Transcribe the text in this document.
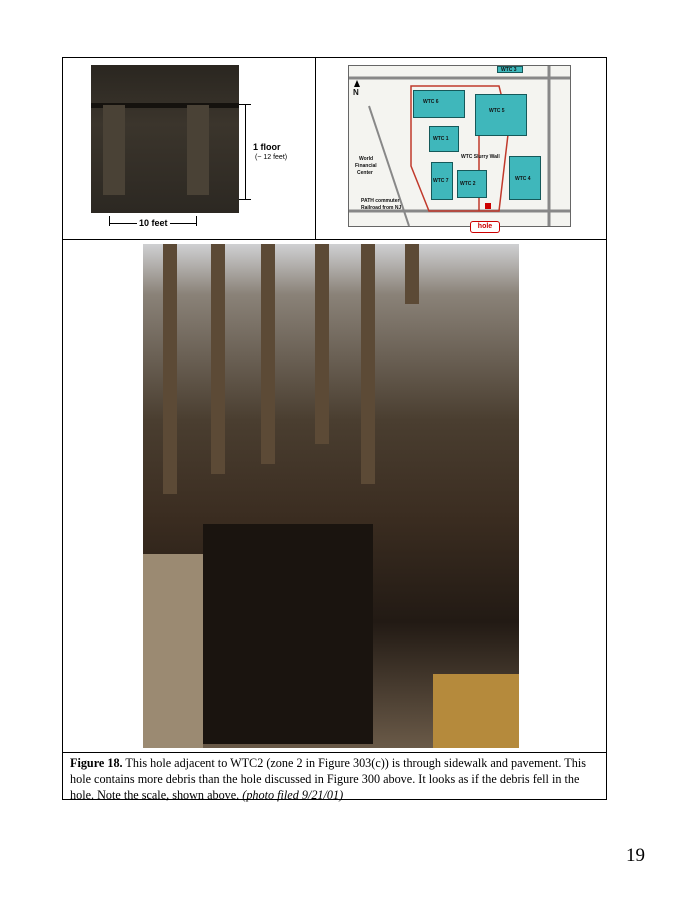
1 floor
(~ 12 feet)
10 feet
WTC 3
WTC 6
WTC 5
WTC 1
WTC 2
WTC 4
WTC 7
WTC Slurry Wall
World
Financial
Center
PATH commuter
Railroad from NJ
N
hole
Figure 18. This hole adjacent to WTC2 (zone 2 in Figure 303(c)) is through sidewalk and pavement. This hole contains more debris than the hole discussed in Figure 300 above. It looks as if the debris fell in the hole. Note the scale, shown above. (photo filed 9/21/01)
19
